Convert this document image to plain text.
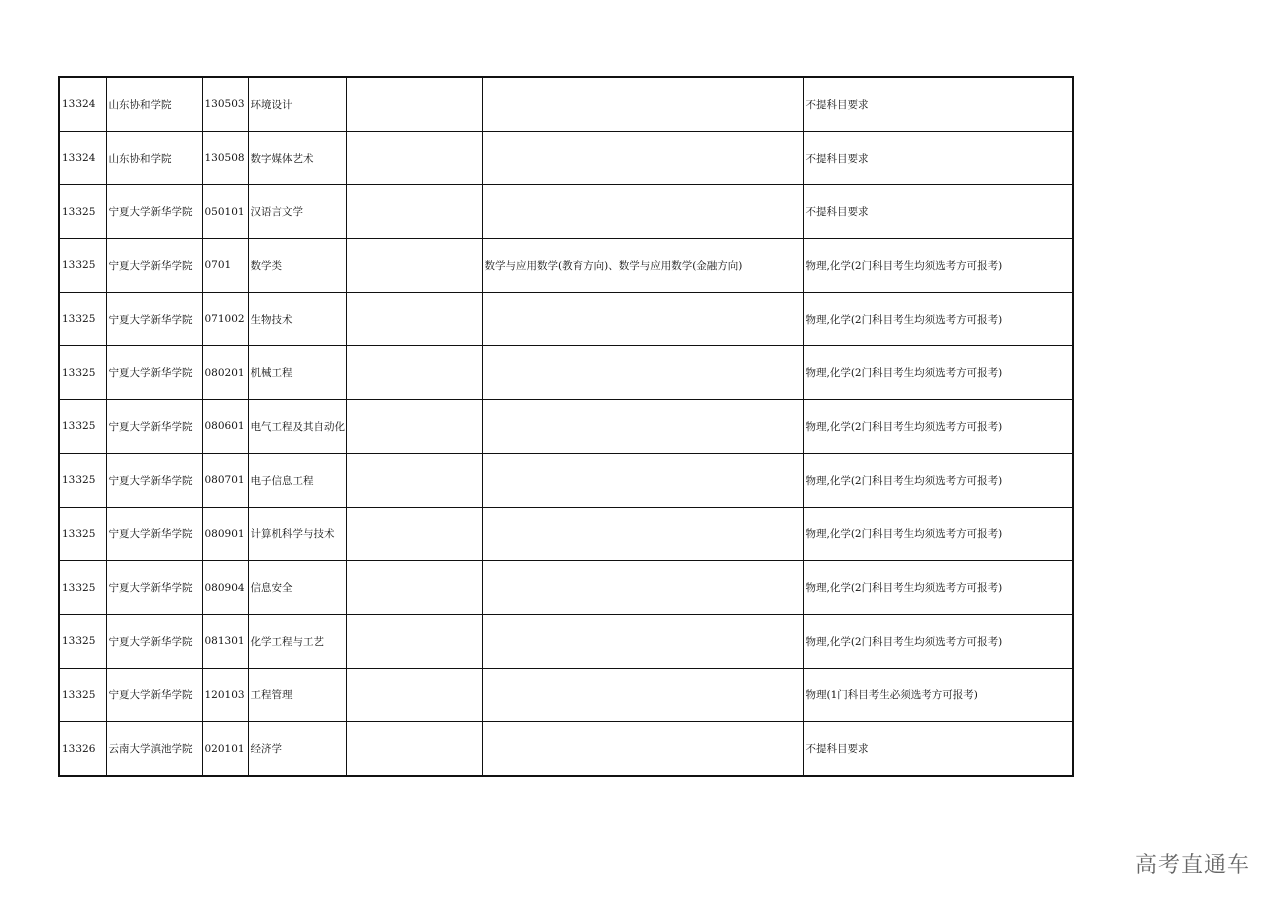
13324	山东协和学院	130503	环境设计			不提科目要求
13324	山东协和学院	130508	数字媒体艺术			不提科目要求
13325	宁夏大学新华学院	050101	汉语言文学			不提科目要求
13325	宁夏大学新华学院	0701	数学类		数学与应用数学(教育方向)、数学与应用数学(金融方向)	物理,化学(2门科目考生均须选考方可报考)
13325	宁夏大学新华学院	071002	生物技术			物理,化学(2门科目考生均须选考方可报考)
13325	宁夏大学新华学院	080201	机械工程			物理,化学(2门科目考生均须选考方可报考)
13325	宁夏大学新华学院	080601	电气工程及其自动化			物理,化学(2门科目考生均须选考方可报考)
13325	宁夏大学新华学院	080701	电子信息工程			物理,化学(2门科目考生均须选考方可报考)
13325	宁夏大学新华学院	080901	计算机科学与技术			物理,化学(2门科目考生均须选考方可报考)
13325	宁夏大学新华学院	080904	信息安全			物理,化学(2门科目考生均须选考方可报考)
13325	宁夏大学新华学院	081301	化学工程与工艺			物理,化学(2门科目考生均须选考方可报考)
13325	宁夏大学新华学院	120103	工程管理			物理(1门科目考生必须选考方可报考)
13326	云南大学滇池学院	020101	经济学			不提科目要求
高考直通车
